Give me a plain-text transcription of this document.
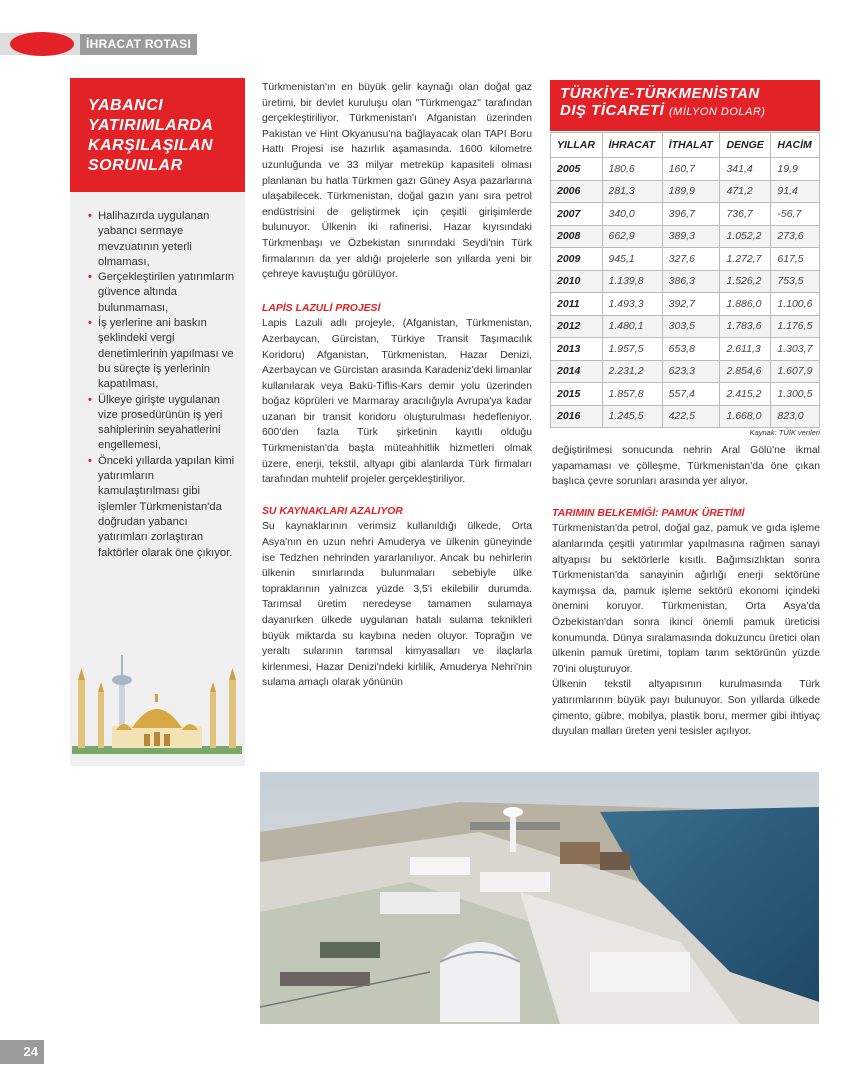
İHRACAT ROTASI
YABANCI YATIRIMLARDA KARŞILAŞILAN SORUNLAR
• Halihazırda uygulanan yabancı sermaye mevzuatının yeterli olmaması,
• Gerçekleştirilen yatırımların güvence altında bulunmaması,
• İş yerlerine ani baskın şeklindeki vergi denetimlerinin yapılması ve bu süreçte iş yerlerinin kapatılması,
• Ülkeye girişte uygulanan vize prosedürünün iş yeri sahiplerinin seyahatlerini engellemesi,
• Önceki yıllarda yapılan kimi yatırımların kamulaştırılması gibi işlemler Türkmenistan'da doğrudan yabancı yatırımları zorlaştıran faktörler olarak öne çıkıyor.

Türkmenistan'ın en büyük gelir kaynağı olan doğal gaz üretimi, bir devlet kuruluşu olan "Türkmengaz" tarafından gerçekleştiriliyor. Türkmenistan'ı Afganistan üzerinden Pakistan ve Hint Okyanusu'na bağlayacak olan TAPI Boru Hattı Projesi ise hazırlık aşamasında. 1600 kilometre uzunluğunda ve 33 milyar metreküp kapasiteli olması planlanan bu hatla Türkmen gazı Güney Asya pazarlarına ulaşabilecek. Türkmenistan, doğal gazın yanı sıra petrol endüstrisini de geliştirmek için çeşitli girişimlerde bulunuyor. Ülkenin iki rafinerisi, Hazar kıyısındaki Türkmenbaşı ve Özbekistan sınırındaki Seydi'nin Türk firmalarının da yer aldığı projelerle son yıllarda yeni bir çehreye kavuştuğu görülüyor.

LAPİS LAZULİ PROJESİ

Lapis Lazuli adlı projeyle, (Afganistan, Türkmenistan, Azerbaycan, Gürcistan, Türkiye Transit Taşımacılık Koridoru) Afganistan, Türkmenistan, Hazar Denizi, Azerbaycan ve Gürcistan arasında Karadeniz'deki limanlar kullanılarak veya Bakü-Tiflis-Kars demir yolu üzerinden boğaz köprüleri ve Marmaray aracılığıyla Avrupa'ya kadar uzanan bir transit koridoru oluşturulması hedefleniyor. 600'den fazla Türk şirketinin kayıtlı olduğu Türkmenistan'da başta müteahhitlik hizmetleri olmak üzere, enerji, tekstil, altyapı gibi alanlarda Türk firmaları tarafından muhtelif projeler gerçekleştiriliyor.

SU KAYNAKLARI AZALIYOR

Su kaynaklarının verimsiz kullanıldığı ülkede, Orta Asya'nın en uzun nehri Amuderya ve ülkenin güneyinde ise Tedzhen nehrinden yararlanılıyor. Ancak bu nehirlerin ülkenin sınırlarında bulunmaları sebebiyle ülke topraklarının yalnızca yüzde 3,5'i ekilebilir durumda. Tarımsal üretim neredeyse tamamen sulamaya dayanırken ülkede uygulanan hatalı sulama teknikleri büyük miktarda su kaybına neden oluyor. Toprağın ve yeraltı sularının tarımsal kimyasalları ve ilaçlarla kirlenmesi, Hazar Denizi'ndeki kirlilik, Amuderya Nehri'nin sulama amaçlı olarak yönünün

TÜRKİYE-TÜRKMENİSTAN
DIŞ TİCARETİ (MİLYON DOLAR)
YILLAR	İHRACAT	İTHALAT	DENGE	HACİM
2005	180,6	160,7	341,4	19,9
2006	281,3	189,9	471,2	91,4
2007	340,0	396,7	736,7	-56,7
2008	662,9	389,3	1.052,2	273,6
2009	945,1	327,6	1.272,7	617,5
2010	1.139,8	386,3	1.526,2	753,5
2011	1.493,3	392,7	1.886,0	1.100,6
2012	1.480,1	303,5	1.783,6	1.176,5
2013	1.957,5	653,8	2.611,3	1.303,7
2014	2.231,2	623,3	2.854,6	1.607,9
2015	1.857,8	557,4	2.415,2	1.300,5
2016	1.245,5	422,5	1.668,0	823,0
Kaynak: TÜİK verileri

değiştirilmesi sonucunda nehrin Aral Gölü'ne ikmal yapamaması ve çölleşme, Türkmenistan'da öne çıkan başlıca çevre sorunları arasında yer alıyor.

TARIMIN BELKEMİĞİ: PAMUK ÜRETİMİ

Türkmenistan'da petrol, doğal gaz, pamuk ve gıda işleme alanlarında çeşitli yatırımlar yapılmasına rağmen sanayi altyapısı bu sektörlerle kısıtlı. Bağımsızlıktan sonra Türkmenistan'da sanayinin ağırlığı enerji sektörüne kaymışsa da, pamuk işleme sektörü ekonomi içindeki önemini koruyor. Türkmenistan, Orta Asya'da Özbekistan'dan sonra ikinci önemli pamuk üreticisi konumunda. Dünya sıralamasında dokuzuncu üretici olan ülkenin pamuk üretimi, toplam tarım sektörünün yüzde 70'ini oluşturuyor.

Ülkenin tekstil altyapısının kurulmasında Türk yatırımlarının büyük payı bulunuyor. Son yıllarda ülkede çimento, gübre, mobilya, plastik boru, mermer gibi ihtiyaç duyulan malları üreten yeni tesisler açılıyor.

24
